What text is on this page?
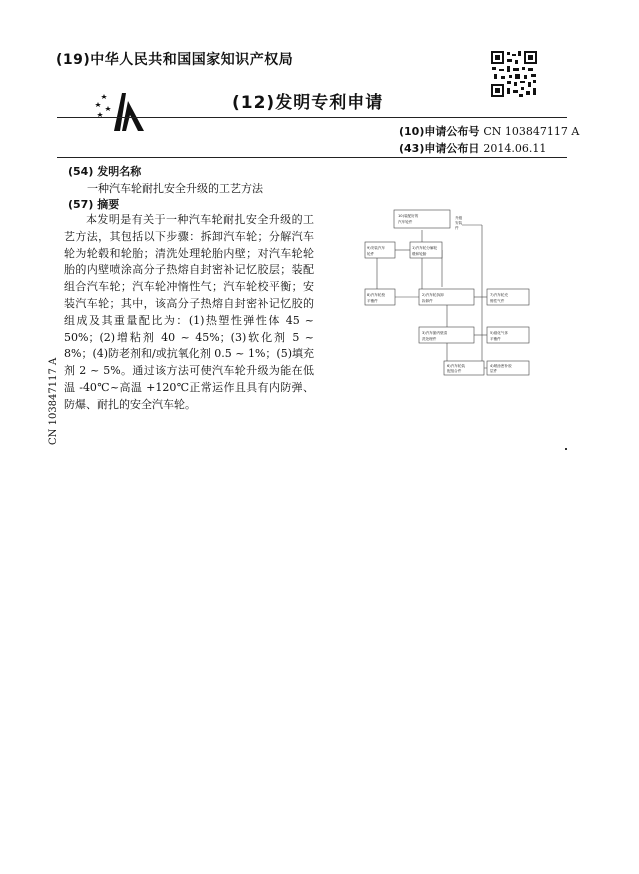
(19)中华人民共和国国家知识产权局
(12)发明专利申请
(10)申请公布号 CN 103847117 A
(43)申请公布日 2014.06.11
(54) 发明名称
一种汽车轮耐扎安全升级的工艺方法
(57) 摘要
本发明是有关于一种汽车轮耐扎安全升级的工艺方法，其包括以下步骤：拆卸汽车轮；分解汽车轮为轮毂和轮胎；清洗处理轮胎内壁；对汽车轮轮胎的内壁喷涂高分子热熔自封密补记忆胶层；装配组合汽车轮；汽车轮冲惰性气；汽车轮校平衡；安装汽车轮；其中，该高分子热熔自封密补记忆胶的组成及其重量配比为：(1)热塑性弹性体 45 ~ 50%；(2)增粘剂 40 ~ 45%；(3)软化剂 5 ~ 8%；(4)防老剂和/或抗氧化剂 0.5 ~ 1%；(5)填充剂 2 ~ 5%。通过该方法可使汽车轮升级为能在低温 -40℃~高温 +120℃正常运作且具有内防弹、防爆、耐扎的安全汽车轮。
CN 103847117 A
10)装配好的
汽车轮件
升级
安装
件
9)安装汽车
轮件
1)汽车轮分解轮
毂和轮胎
8)汽车轮校
平衡件
2)汽车轮拆卸
拆卸件
7)汽车轮充
惰性气件
3)汽车胎内壁清
洗处理件
5)熔化气体
平衡件
4)喷涂密补胶
层件
6)汽车轮装
配组合件
